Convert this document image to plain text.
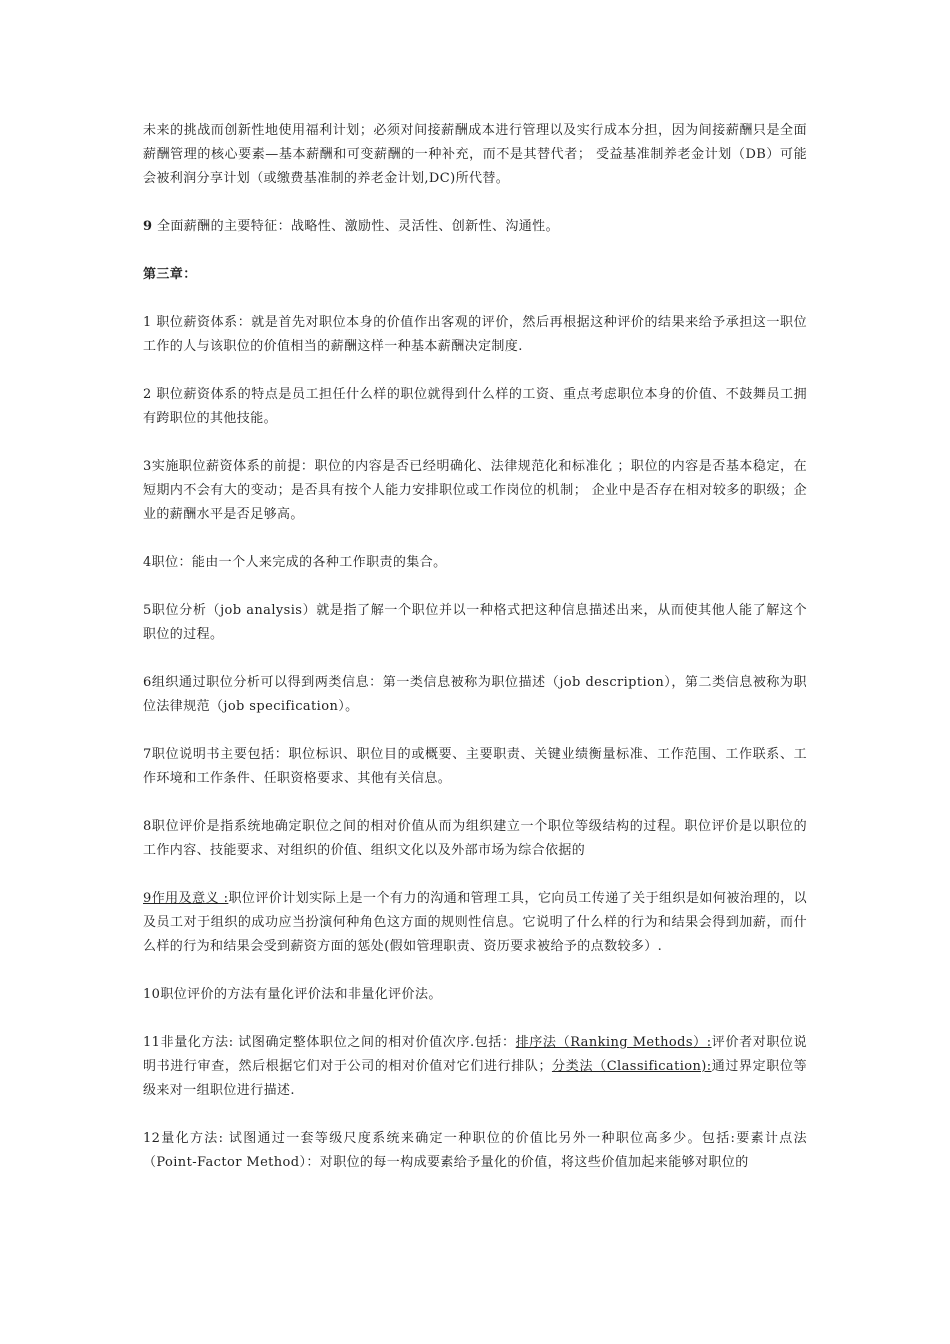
未来的挑战而创新性地使用福利计划；必须对间接薪酬成本进行管理以及实行成本分担，因为间接薪酬只是全面薪酬管理的核心要素—基本薪酬和可变薪酬的一种补充，而不是其替代者； 受益基准制养老金计划（DB）可能会被利润分享计划（或缴费基准制的养老金计划,DC)所代替。

9 全面薪酬的主要特征：战略性、激励性、灵活性、创新性、沟通性。

第三章：

1 职位薪资体系：就是首先对职位本身的价值作出客观的评价，然后再根据这种评价的结果来给予承担这一职位工作的人与该职位的价值相当的薪酬这样一种基本薪酬决定制度.

2 职位薪资体系的特点是员工担任什么样的职位就得到什么样的工资、重点考虑职位本身的价值、不鼓舞员工拥有跨职位的其他技能。

3实施职位薪资体系的前提：职位的内容是否已经明确化、法律规范化和标准化 ；职位的内容是否基本稳定，在短期内不会有大的变动；是否具有按个人能力安排职位或工作岗位的机制； 企业中是否存在相对较多的职级；企业的薪酬水平是否足够高。

4职位：能由一个人来完成的各种工作职责的集合。

5职位分析（job analysis）就是指了解一个职位并以一种格式把这种信息描述出来，从而使其他人能了解这个职位的过程。

6组织通过职位分析可以得到两类信息：第一类信息被称为职位描述（job description），第二类信息被称为职位法律规范（job specification）。

7职位说明书主要包括：职位标识、职位目的或概要、主要职责、关键业绩衡量标准、工作范围、工作联系、工作环境和工作条件、任职资格要求、其他有关信息。

8职位评价是指系统地确定职位之间的相对价值从而为组织建立一个职位等级结构的过程。职位评价是以职位的工作内容、技能要求、对组织的价值、组织文化以及外部市场为综合依据的

9作用及意义 :职位评价计划实际上是一个有力的沟通和管理工具，它向员工传递了关于组织是如何被治理的，以及员工对于组织的成功应当扮演何种角色这方面的规则性信息。它说明了什么样的行为和结果会得到加薪，而什么样的行为和结果会受到薪资方面的惩处(假如管理职责、资历要求被给予的点数较多）.

10职位评价的方法有量化评价法和非量化评价法。

11非量化方法: 试图确定整体职位之间的相对价值次序.包括：排序法（Ranking Methods）:评价者对职位说明书进行审查，然后根据它们对于公司的相对价值对它们进行排队；分类法（Classification):通过界定职位等级来对一组职位进行描述.

12量化方法: 试图通过一套等级尺度系统来确定一种职位的价值比另外一种职位高多少。包括:要素计点法（Point-Factor Method）：对职位的每一构成要素给予量化的价值，将这些价值加起来能够对职位的
